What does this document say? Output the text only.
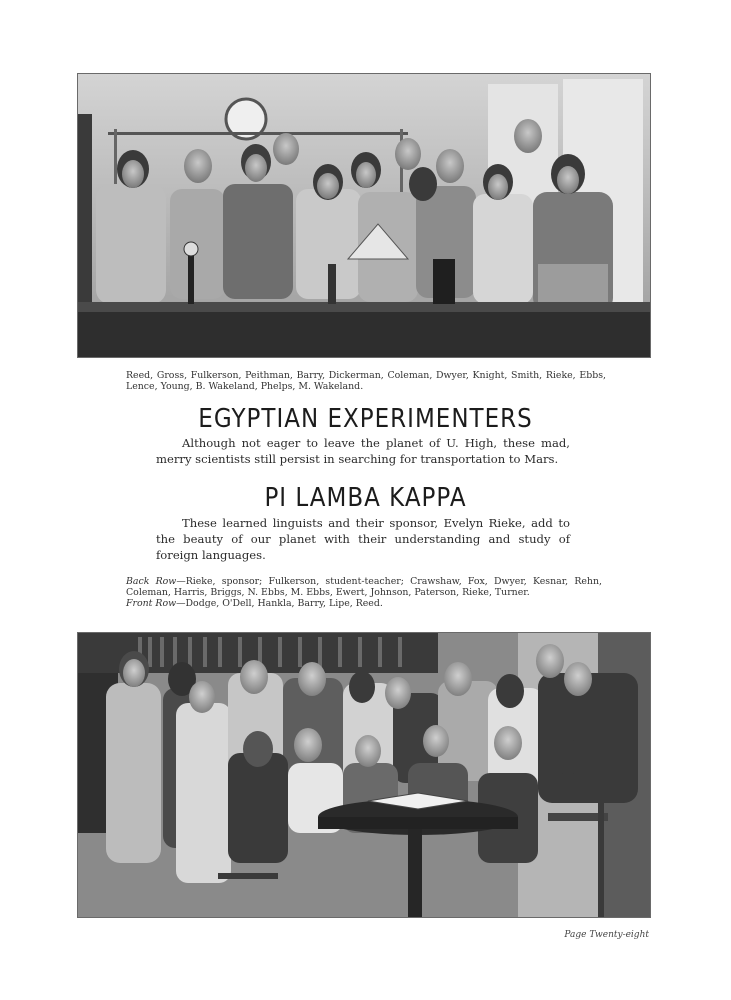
Reed, Gross, Fulkerson, Peithman, Barry, Dickerman, Coleman, Dwyer, Knight, Smith, Rieke, Ebbs, Lence, Young, B. Wakeland, Phelps, M. Wakeland.
EGYPTIAN EXPERIMENTERS
Although not eager to leave the planet of U. High, these mad, merry scientists still persist in searching for transportation to Mars.
PI LAMBA KAPPA
These learned linguists and their sponsor, Evelyn Rieke, add to the beauty of our planet with their understanding and study of foreign languages.

Back Row—Rieke, sponsor; Fulkerson, student-teacher; Crawshaw, Fox, Dwyer, Kesnar, Rehn, Coleman, Harris, Briggs, N. Ebbs, M. Ebbs, Ewert, Johnson, Paterson, Rieke, Turner.

Front Row—Dodge, O'Dell, Hankla, Barry, Lipe, Reed.

Page Twenty-eight
